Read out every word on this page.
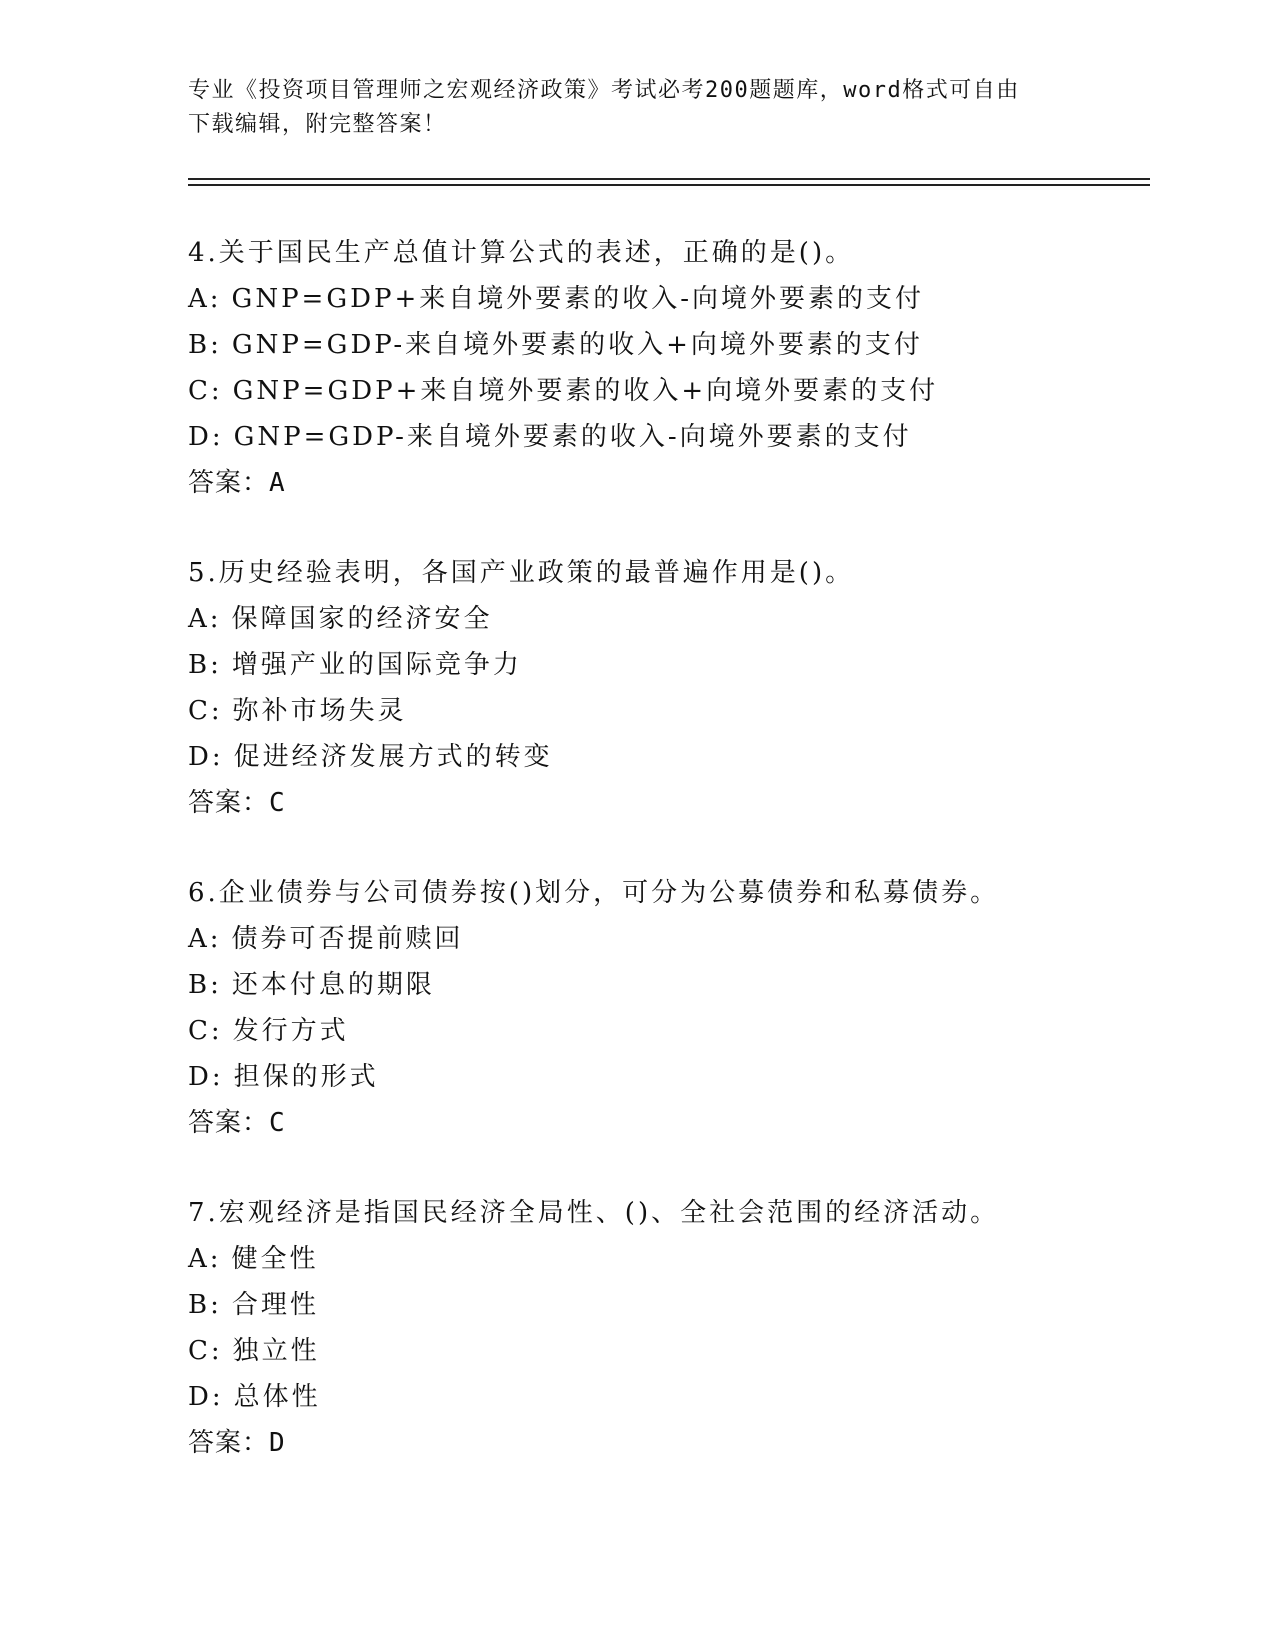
专业《投资项目管理师之宏观经济政策》考试必考200题题库，word格式可自由
下载编辑，附完整答案！
4.关于国民生产总值计算公式的表述，正确的是()。
A: GNP=GDP+来自境外要素的收入-向境外要素的支付
B: GNP=GDP-来自境外要素的收入+向境外要素的支付
C: GNP=GDP+来自境外要素的收入+向境外要素的支付
D: GNP=GDP-来自境外要素的收入-向境外要素的支付
答案：A
5.历史经验表明，各国产业政策的最普遍作用是()。
A: 保障国家的经济安全
B: 增强产业的国际竞争力
C: 弥补市场失灵
D: 促进经济发展方式的转变
答案：C
6.企业债券与公司债券按()划分，可分为公募债券和私募债券。
A: 债券可否提前赎回
B: 还本付息的期限
C: 发行方式
D: 担保的形式
答案：C
7.宏观经济是指国民经济全局性、()、全社会范围的经济活动。
A: 健全性
B: 合理性
C: 独立性
D: 总体性
答案：D
